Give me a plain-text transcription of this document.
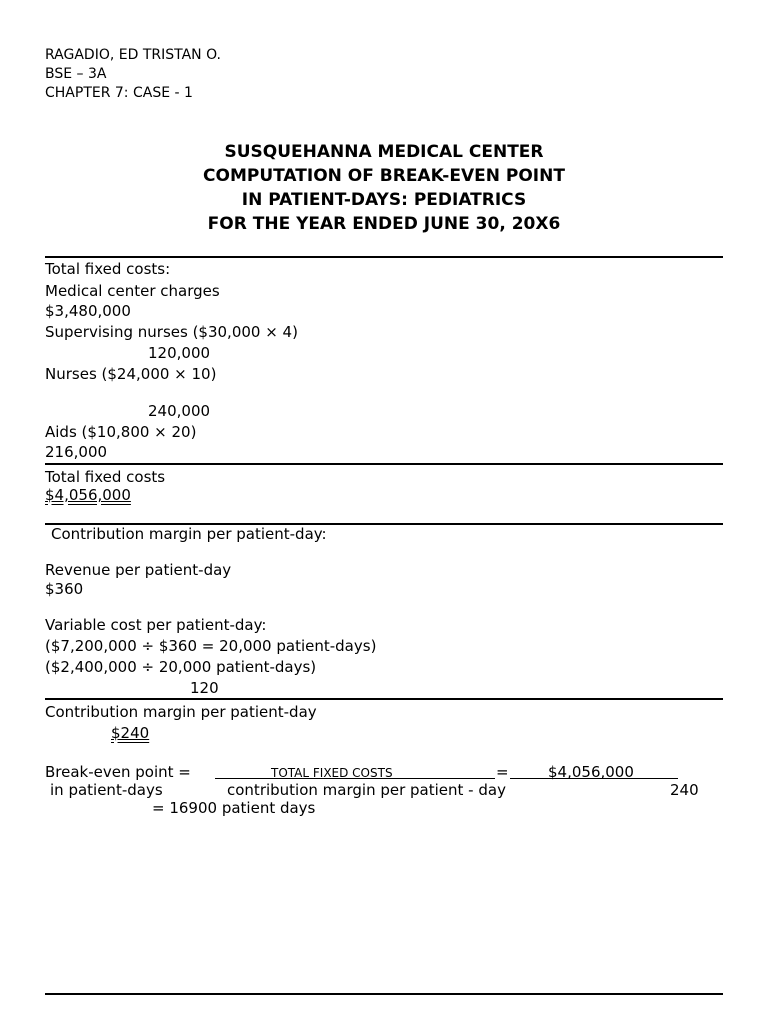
RAGADIO, ED TRISTAN O.
BSE – 3A
CHAPTER 7: CASE - 1
SUSQUEHANNA MEDICAL CENTER
COMPUTATION OF BREAK-EVEN POINT
IN PATIENT-DAYS: PEDIATRICS
FOR THE YEAR ENDED JUNE 30, 20X6
Total fixed costs:
Medical center charges
$3,480,000
Supervising nurses ($30,000 × 4)
120,000
Nurses ($24,000 × 10)
240,000
Aids ($10,800 × 20)
216,000
Total fixed costs
$4,056,000
Contribution margin per patient-day:
Revenue per patient-day
$360
Variable cost per patient-day:
($7,200,000 ÷ $360 = 20,000 patient-days)
($2,400,000 ÷ 20,000 patient-days)
120
Contribution margin per patient-day
$240
Break-even point =	TOTAL FIXED COSTS	=	$4,056,000
in patient-days	contribution margin per patient - day	240
= 16900 patient days
